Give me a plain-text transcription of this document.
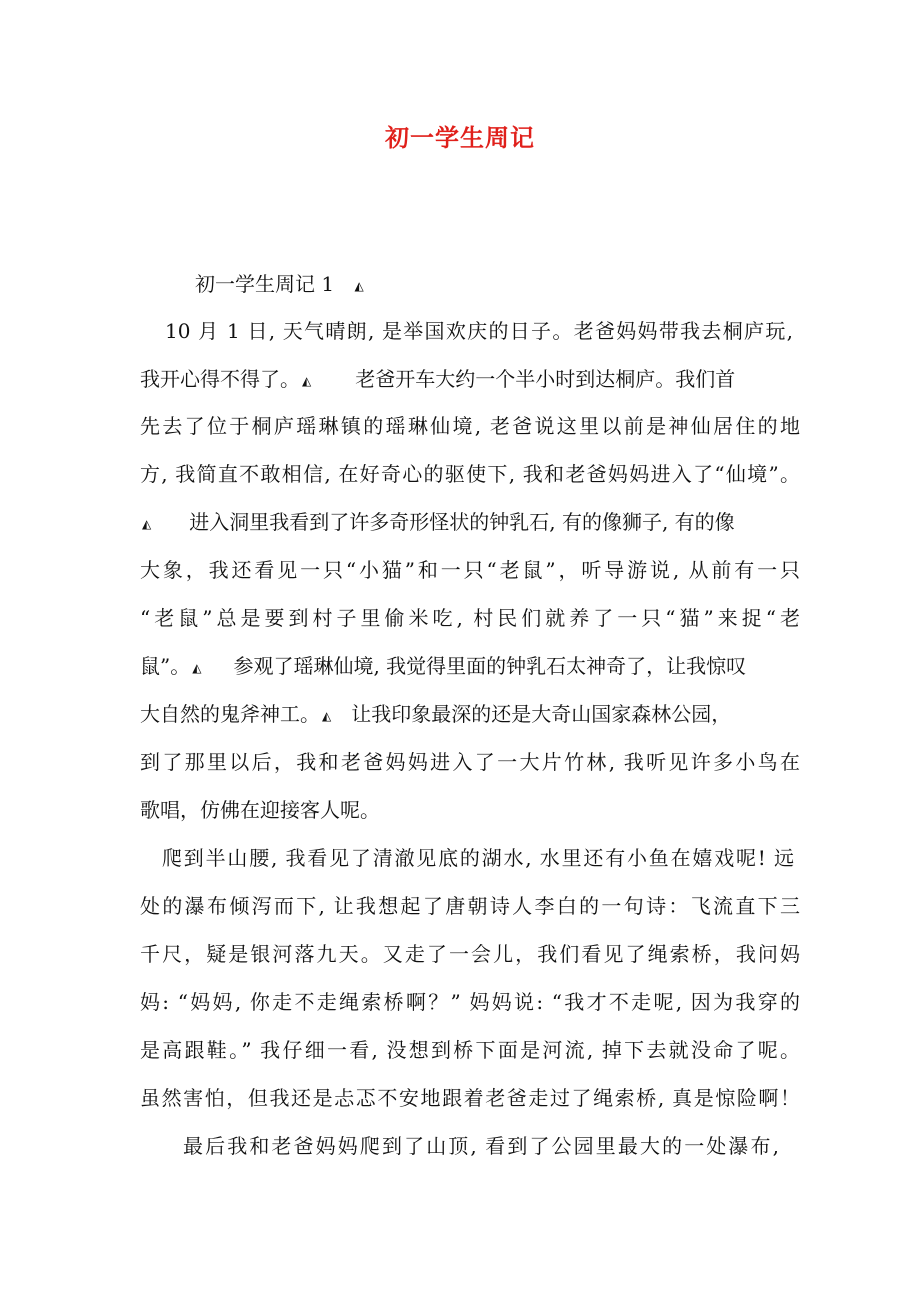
初一学生周记
初一学生周记 1 ◭
10 月 1 日, 天气晴朗, 是举国欢庆的日子。老爸妈妈带我去桐庐玩,
我开心得不得了。 ◭ 老爸开车大约一个半小时到达桐庐。我们首
先去了位于桐庐瑶琳镇的瑶琳仙境, 老爸说这里以前是神仙居住的地
方, 我简直不敢相信, 在好奇心的驱使下, 我和老爸妈妈进入了“仙境”。
◭ 进入洞里我看到了许多奇形怪状的钟乳石, 有的像狮子, 有的像
大象，我还看见一只“小猫”和一只“老鼠”，听导游说, 从前有一只
“老鼠”总是要到村子里偷米吃, 村民们就养了一只“猫”来捉“老
鼠”。 ◭ 参观了瑶琳仙境, 我觉得里面的钟乳石太神奇了，让我惊叹
大自然的鬼斧神工。 ◭ 让我印象最深的还是大奇山国家森林公园，
到了那里以后，我和老爸妈妈进入了一大片竹林, 我听见许多小鸟在
歌唱，仿佛在迎接客人呢。
爬到半山腰, 我看见了清澈见底的湖水, 水里还有小鱼在嬉戏呢! 远
处的瀑布倾泻而下, 让我想起了唐朝诗人李白的一句诗：飞流直下三
千尺，疑是银河落九天。又走了一会儿，我们看见了绳索桥，我问妈
妈: “妈妈, 你走不走绳索桥啊？” 妈妈说: “我才不走呢, 因为我穿的
是高跟鞋。” 我仔细一看, 没想到桥下面是河流, 掉下去就没命了呢。
虽然害怕，但我还是忐忑不安地跟着老爸走过了绳索桥, 真是惊险啊！
最后我和老爸妈妈爬到了山顶, 看到了公园里最大的一处瀑布,
